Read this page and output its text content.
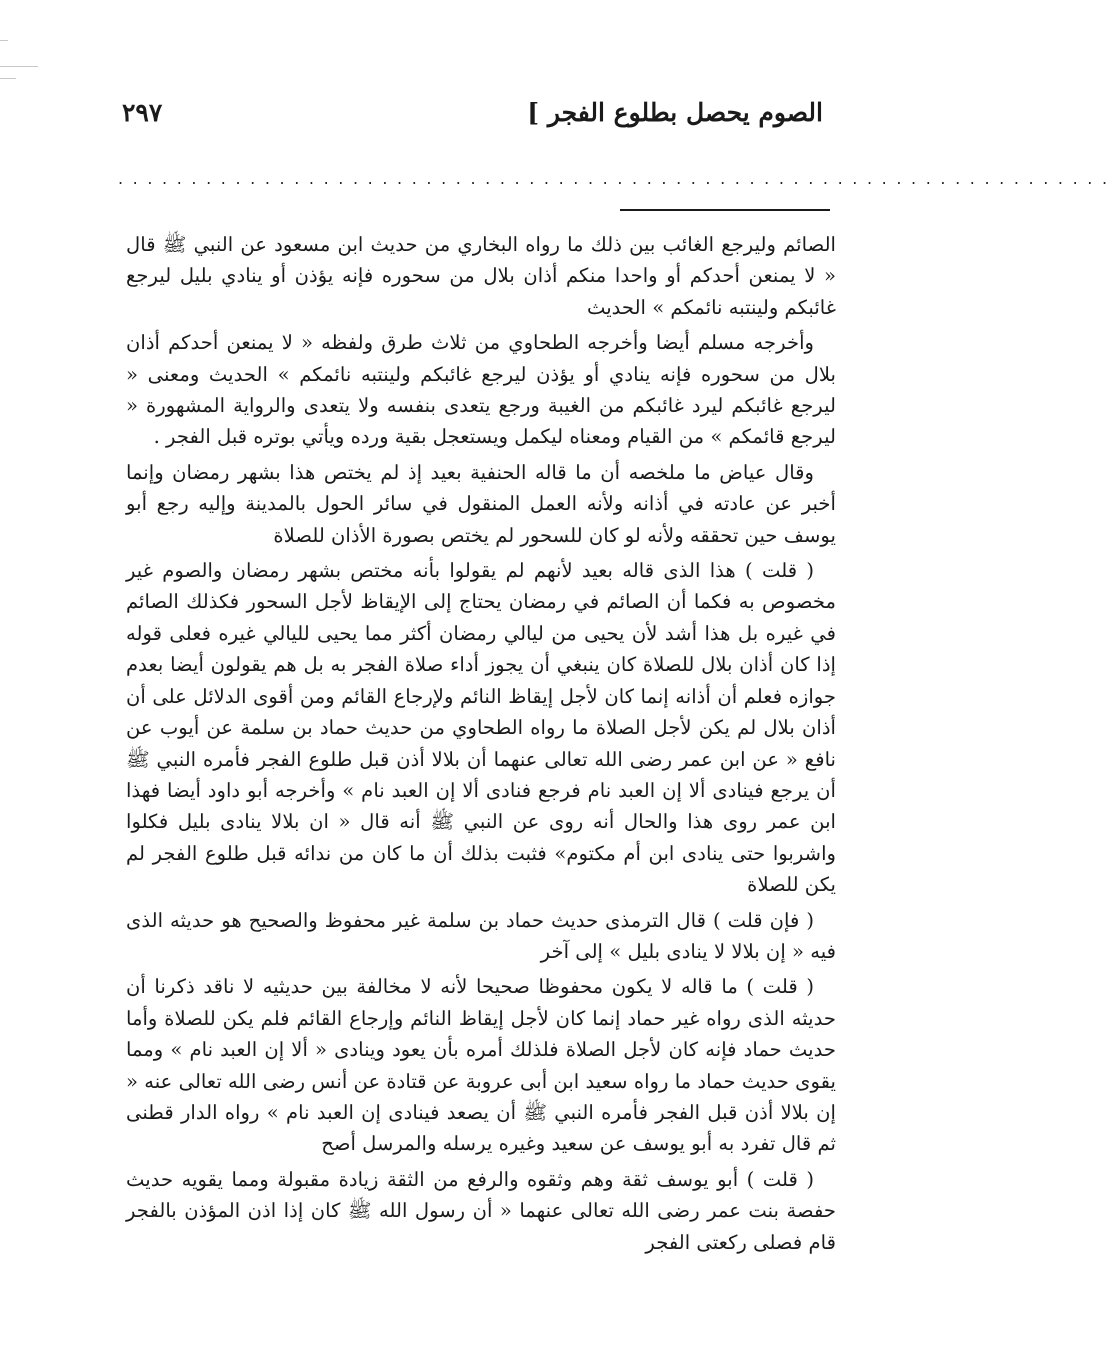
الصوم يحصل بطلوع الفجر ]
٢٩٧
....................................................................

الصائم وليرجع الغائب بين ذلك ما رواه البخاري من حديث ابن مسعود عن النبي ﷺ قال « لا يمنعن أحدكم أو واحدا منكم أذان بلال من سحوره فإنه يؤذن أو ينادي بليل ليرجع غائبكم ولينتبه نائمكم » الحديث

وأخرجه مسلم أيضا وأخرجه الطحاوي من ثلاث طرق ولفظه « لا يمنعن أحدكم أذان بلال من سحوره فإنه ينادي أو يؤذن ليرجع غائبكم ولينتبه نائمكم » الحديث ومعنى « ليرجع غائبكم ليرد غائبكم من الغيبة ورجع يتعدى بنفسه ولا يتعدى والرواية المشهورة « ليرجع قائمكم » من القيام ومعناه ليكمل ويستعجل بقية ورده ويأتي بوتره قبل الفجر .

وقال عياض ما ملخصه أن ما قاله الحنفية بعيد إذ لم يختص هذا بشهر رمضان وإنما أخبر عن عادته في أذانه ولأنه العمل المنقول في سائر الحول بالمدينة وإليه رجع أبو يوسف حين تحققه ولأنه لو كان للسحور لم يختص بصورة الأذان للصلاة

( قلت ) هذا الذى قاله بعيد لأنهم لم يقولوا بأنه مختص بشهر رمضان والصوم غير مخصوص به فكما أن الصائم في رمضان يحتاج إلى الإيقاظ لأجل السحور فكذلك الصائم في غيره بل هذا أشد لأن يحيى من ليالي رمضان أكثر مما يحيى لليالي غيره فعلى قوله إذا كان أذان بلال للصلاة كان ينبغي أن يجوز أداء صلاة الفجر به بل هم يقولون أيضا بعدم جوازه فعلم أن أذانه إنما كان لأجل إيقاظ النائم ولإرجاع القائم ومن أقوى الدلائل على أن أذان بلال لم يكن لأجل الصلاة ما رواه الطحاوي من حديث حماد بن سلمة عن أيوب عن نافع « عن ابن عمر رضى الله تعالى عنهما أن بلالا أذن قبل طلوع الفجر فأمره النبي ﷺ أن يرجع فينادى ألا إن العبد نام فرجع فنادى ألا إن العبد نام » وأخرجه أبو داود أيضا فهذا ابن عمر روى هذا والحال أنه روى عن النبي ﷺ أنه قال « ان بلالا ينادى بليل فكلوا واشربوا حتى ينادى ابن أم مكتوم» فثبت بذلك أن ما كان من ندائه قبل طلوع الفجر لم يكن للصلاة

( فإن قلت ) قال الترمذى حديث حماد بن سلمة غير محفوظ والصحيح هو حديثه الذى فيه « إن بلالا لا ينادى بليل » إلى آخر

( قلت ) ما قاله لا يكون محفوظا صحيحا لأنه لا مخالفة بين حديثيه لا ناقد ذكرنا أن حديثه الذى رواه غير حماد إنما كان لأجل إيقاظ النائم وإرجاع القائم فلم يكن للصلاة وأما حديث حماد فإنه كان لأجل الصلاة فلذلك أمره بأن يعود وينادى « ألا إن العبد نام » ومما يقوى حديث حماد ما رواه سعيد ابن أبى عروبة عن قتادة عن أنس رضى الله تعالى عنه « إن بلالا أذن قبل الفجر فأمره النبي ﷺ أن يصعد فينادى إن العبد نام » رواه الدار قطنى ثم قال تفرد به أبو يوسف عن سعيد وغيره يرسله والمرسل أصح

( قلت ) أبو يوسف ثقة وهم وثقوه والرفع من الثقة زيادة مقبولة ومما يقويه حديث حفصة بنت عمر رضى الله تعالى عنهما « أن رسول الله ﷺ كان إذا اذن المؤذن بالفجر قام فصلى ركعتى الفجر
